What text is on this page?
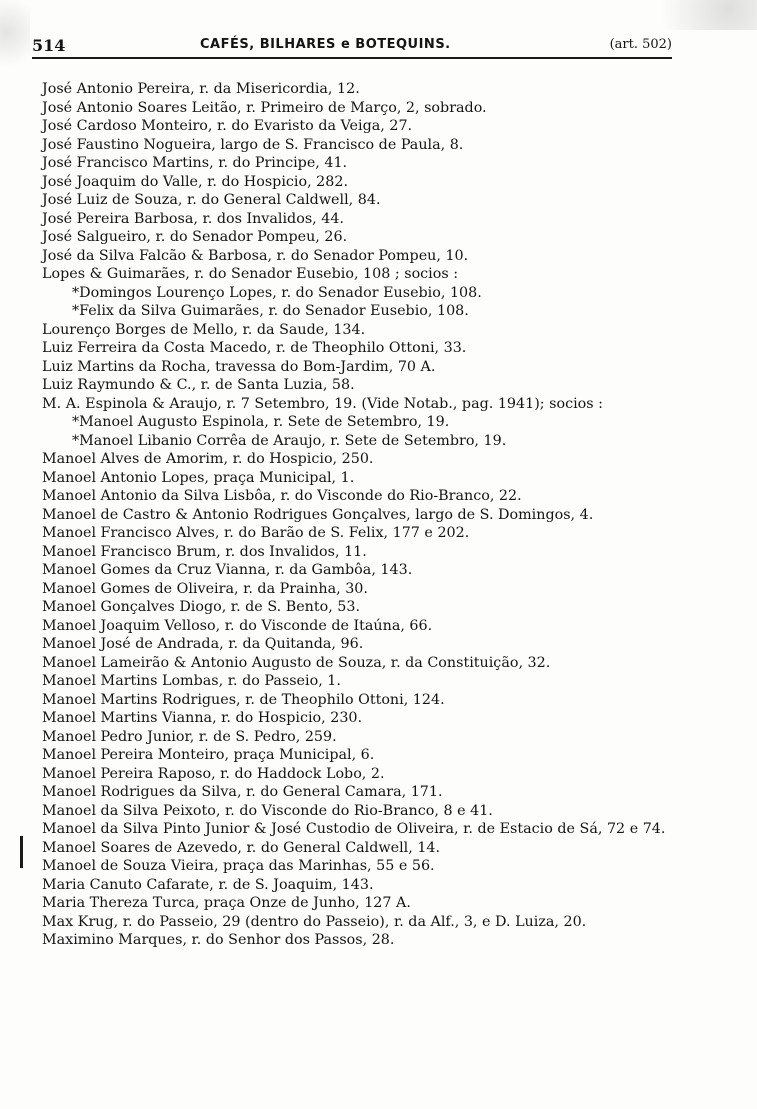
514	CAFÉS, BILHARES e BOTEQUINS.	(art. 502)
José Antonio Pereira, r. da Misericordia, 12.
José Antonio Soares Leitão, r. Primeiro de Março, 2, sobrado.
José Cardoso Monteiro, r. do Evaristo da Veiga, 27.
José Faustino Nogueira, largo de S. Francisco de Paula, 8.
José Francisco Martins, r. do Principe, 41.
José Joaquim do Valle, r. do Hospicio, 282.
José Luiz de Souza, r. do General Caldwell, 84.
José Pereira Barbosa, r. dos Invalidos, 44.
José Salgueiro, r. do Senador Pompeu, 26.
José da Silva Falcão & Barbosa, r. do Senador Pompeu, 10.
Lopes & Guimarães, r. do Senador Eusebio, 108 ; socios :
*Domingos Lourenço Lopes, r. do Senador Eusebio, 108.
*Felix da Silva Guimarães, r. do Senador Eusebio, 108.
Lourenço Borges de Mello, r. da Saude, 134.
Luiz Ferreira da Costa Macedo, r. de Theophilo Ottoni, 33.
Luiz Martins da Rocha, travessa do Bom-Jardim, 70 A.
Luiz Raymundo & C., r. de Santa Luzia, 58.
M. A. Espinola & Araujo, r. 7 Setembro, 19. (Vide Notab., pag. 1941); socios :
*Manoel Augusto Espinola, r. Sete de Setembro, 19.
*Manoel Libanio Corrêa de Araujo, r. Sete de Setembro, 19.
Manoel Alves de Amorim, r. do Hospicio, 250.
Manoel Antonio Lopes, praça Municipal, 1.
Manoel Antonio da Silva Lisbôa, r. do Visconde do Rio-Branco, 22.
Manoel de Castro & Antonio Rodrigues Gonçalves, largo de S. Domingos, 4.
Manoel Francisco Alves, r. do Barão de S. Felix, 177 e 202.
Manoel Francisco Brum, r. dos Invalidos, 11.
Manoel Gomes da Cruz Vianna, r. da Gambôa, 143.
Manoel Gomes de Oliveira, r. da Prainha, 30.
Manoel Gonçalves Diogo, r. de S. Bento, 53.
Manoel Joaquim Velloso, r. do Visconde de Itaúna, 66.
Manoel José de Andrada, r. da Quitanda, 96.
Manoel Lameirão & Antonio Augusto de Souza, r. da Constituição, 32.
Manoel Martins Lombas, r. do Passeio, 1.
Manoel Martins Rodrigues, r. de Theophilo Ottoni, 124.
Manoel Martins Vianna, r. do Hospicio, 230.
Manoel Pedro Junior, r. de S. Pedro, 259.
Manoel Pereira Monteiro, praça Municipal, 6.
Manoel Pereira Raposo, r. do Haddock Lobo, 2.
Manoel Rodrigues da Silva, r. do General Camara, 171.
Manoel da Silva Peixoto, r. do Visconde do Rio-Branco, 8 e 41.
Manoel da Silva Pinto Junior & José Custodio de Oliveira, r. de Estacio de Sá, 72 e 74.
Manoel Soares de Azevedo, r. do General Caldwell, 14.
Manoel de Souza Vieira, praça das Marinhas, 55 e 56.
Maria Canuto Cafarate, r. de S. Joaquim, 143.
Maria Thereza Turca, praça Onze de Junho, 127 A.
Max Krug, r. do Passeio, 29 (dentro do Passeio), r. da Alf., 3, e D. Luiza, 20.
Maximino Marques, r. do Senhor dos Passos, 28.
